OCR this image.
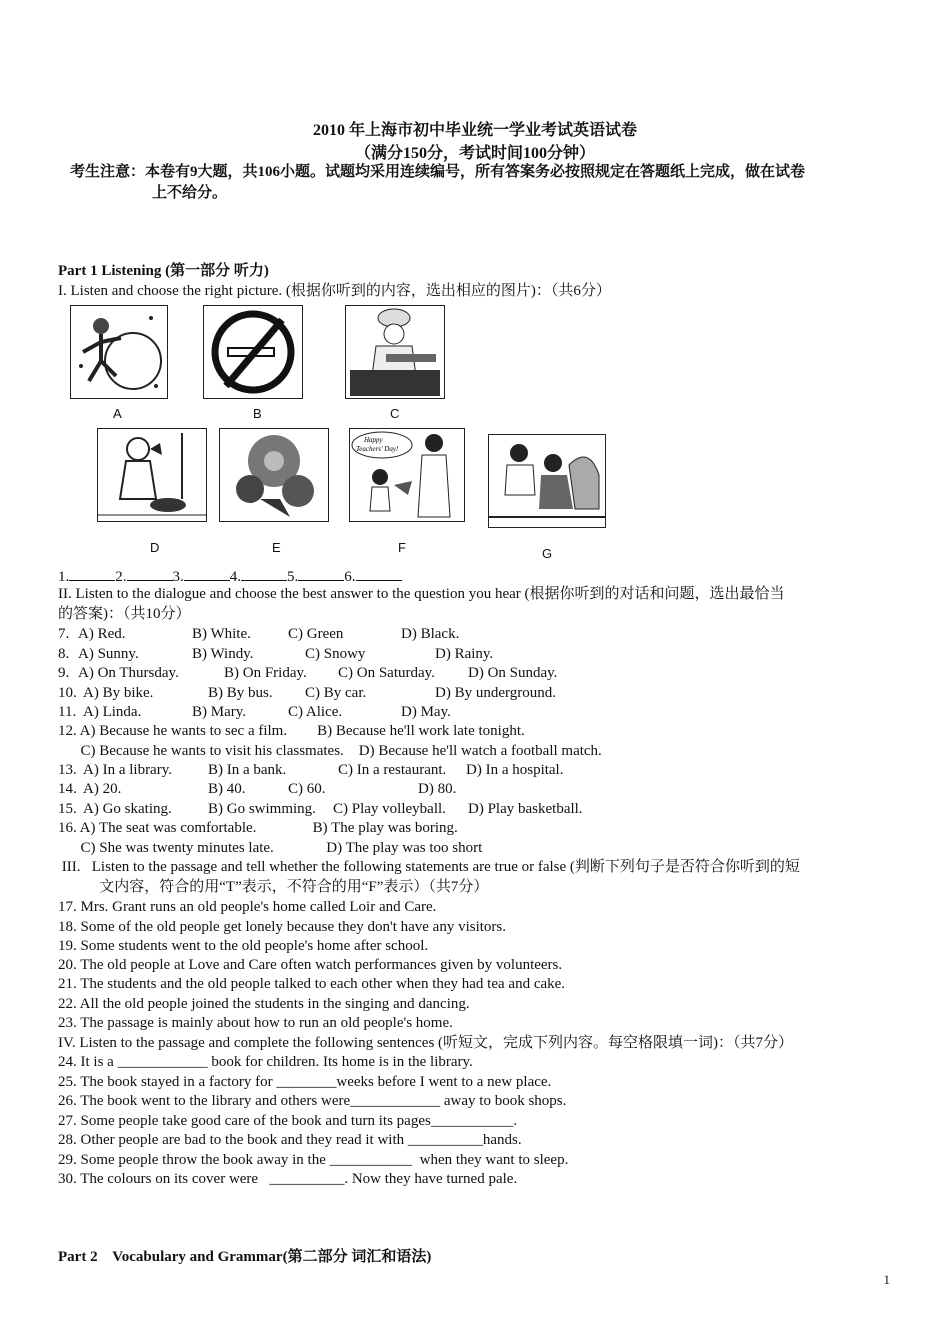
2010 年上海市初中毕业统一学业考试英语试卷
（满分150分，考试时间100分钟）
考生注意：本卷有9大题，共106小题。试题均采用连续编号，所有答案务必按照规定在答题纸上完成，做在试卷
上不给分。
Part 1 Listening (第一部分 听力)
I. Listen and choose the right picture. (根据你听到的内容，选出相应的图片)：（共6分）
A	B	C
Happy
Teachers' Day!
D	E	F	G
1.	2.	3.	4.	5.	6.
II. Listen to the dialogue and choose the best answer to the question you hear (根据你听到的对话和问题，选出最恰当
的答案)：（共10分）
7. A) Red.	B) White. C) Green	D) Black.
8. A) Sunny.	B) Windy.	C) Snowy	D) Rainy.
9. A) On Thursday.	B) On Friday. C) On Saturday. D) On Sunday.
10. A) By bike.	B) By bus. C) By car.	D) By underground.
11. A) Linda.	B) Mary.	C) Alice.	D) May.
12. A) Because he wants to sec a film.        B) Because he'll work late tonight.
C) Because he wants to visit his classmates.    D) Because he'll watch a football match.
13. A) In a library. B) In a bank.	C) In a restaurant. D) In a hospital.
14. A) 20.	B) 40.	C) 60.	D) 80.
15. A) Go skating. B) Go swimming. C) Play volleyball. D) Play basketball.
16. A) The seat was comfortable.               B) The play was boring.
C) She was twenty minutes late.              D) The play was too short
III.   Listen to the passage and tell whether the following statements are true or false (判断下列句子是否符合你听到的短
文内容，符合的用“T”表示，不符合的用“F”表示）（共7分）
17. Mrs. Grant runs an old people's home called Loir and Care.
18. Some of the old people get lonely because they don't have any visitors.
19. Some students went to the old people's home after school.
20. The old people at Love and Care often watch performances given by volunteers.
21. The students and the old people talked to each other when they had tea and cake.
22. All the old people joined the students in the singing and dancing.
23. The passage is mainly about how to run an old people's home.
IV. Listen to the passage and complete the following sentences (听短文，完成下列内容。每空格限填一词)：（共7分）
24. It is a ____________ book for children. Its home is in the library.
25. The book stayed in a factory for ________weeks before I went to a new place.
26. The book went to the library and others were____________ away to book shops.
27. Some people take good care of the book and turn its pages___________.
28. Other people are bad to the book and they read it with __________hands.
29. Some people throw the book away in the ___________  when they want to sleep.
30. The colours on its cover were   __________. Now they have turned pale.
Part 2    Vocabulary and Grammar(第二部分 词汇和语法)
1
